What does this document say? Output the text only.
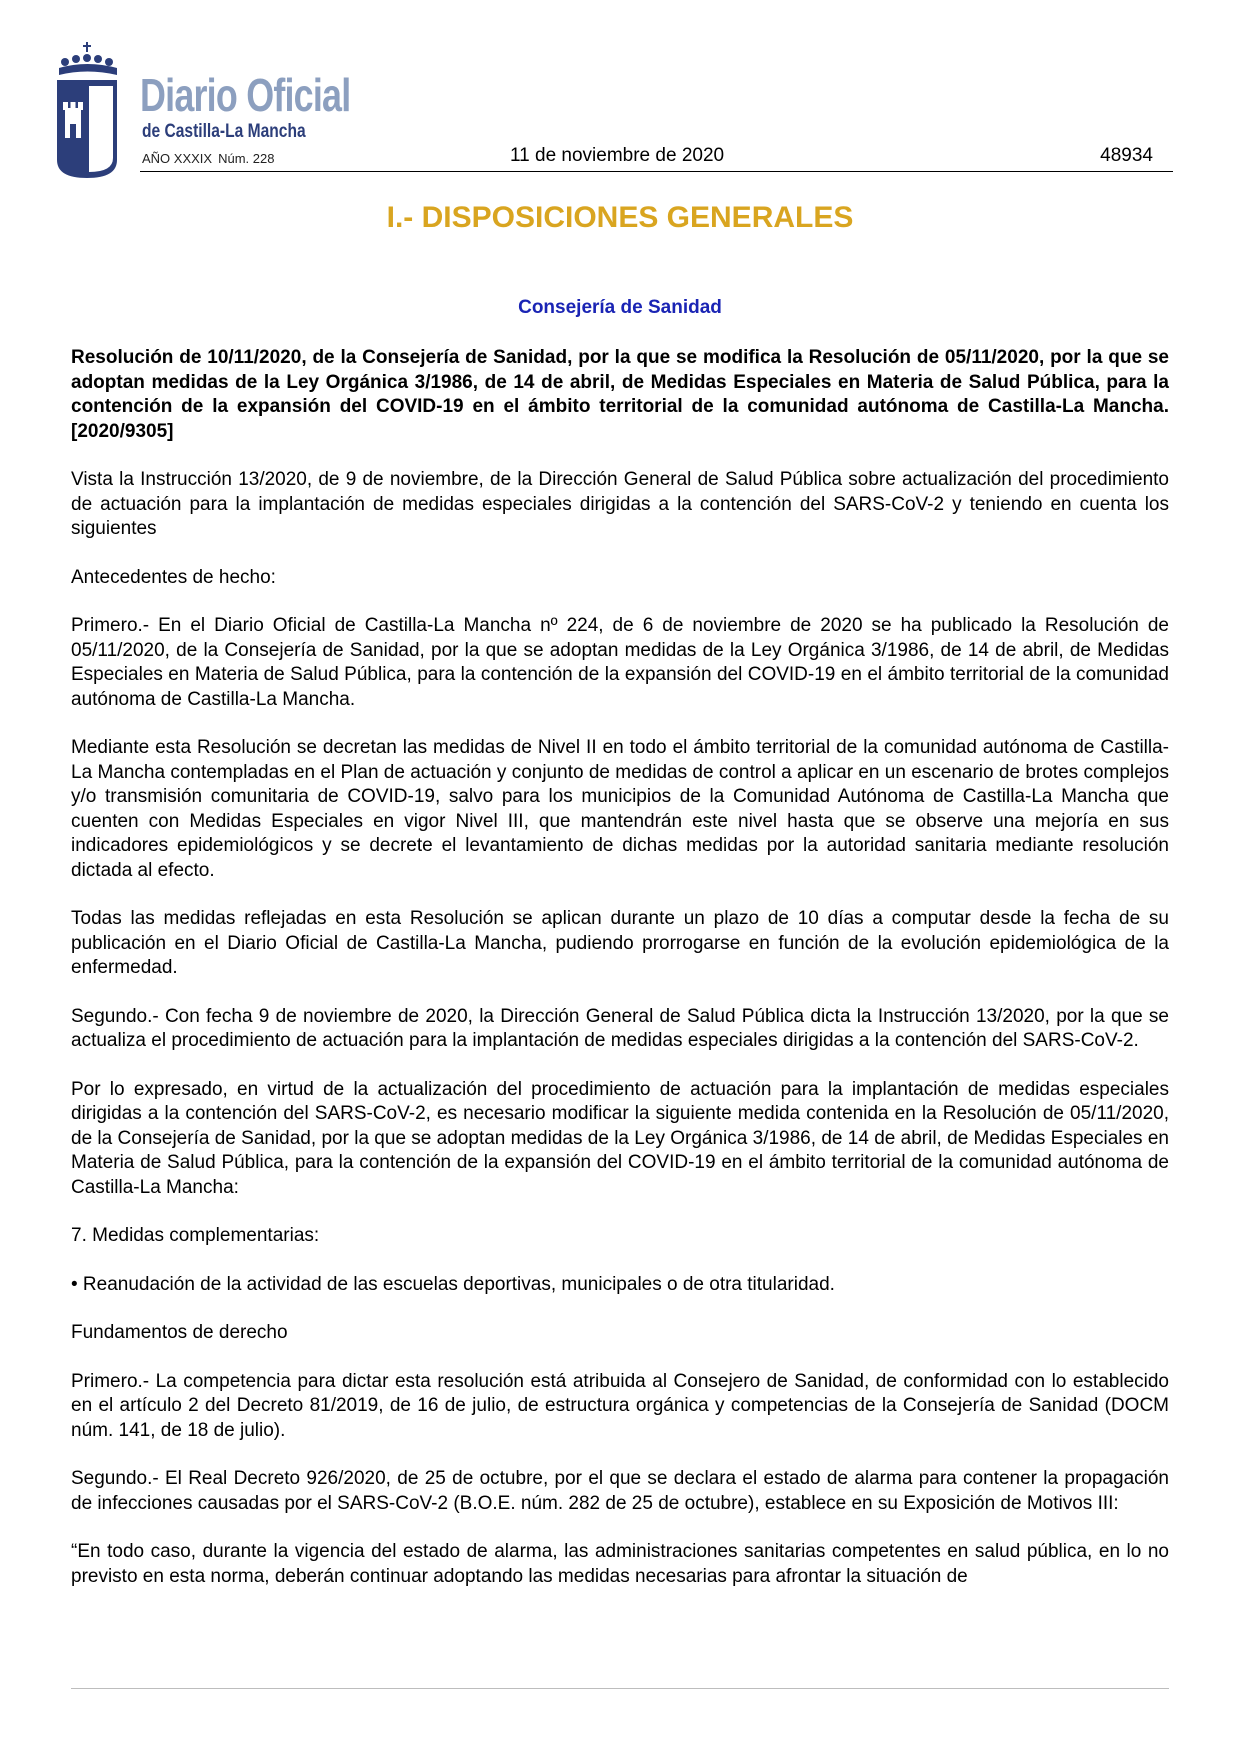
Diario Oficial
de Castilla-La Mancha
AÑO XXXIX Núm. 228	11 de noviembre de 2020	48934
I.- DISPOSICIONES GENERALES
Consejería de Sanidad

Resolución de 10/11/2020, de la Consejería de Sanidad, por la que se modifica la Resolución de 05/11/2020, por la que se adoptan medidas de la Ley Orgánica 3/1986, de 14 de abril, de Medidas Especiales en Materia de Salud Pública, para la contención de la expansión del COVID-19 en el ámbito territorial de la comunidad autónoma de Castilla-La Mancha. [2020/9305]

Vista la Instrucción 13/2020, de 9 de noviembre, de la Dirección General de Salud Pública sobre actualización del procedimiento de actuación para la implantación de medidas especiales dirigidas a la contención del SARS-CoV-2 y teniendo en cuenta los siguientes

Antecedentes de hecho:

Primero.- En el Diario Oficial de Castilla-La Mancha nº 224, de 6 de noviembre de 2020 se ha publicado la Resolución de 05/11/2020, de la Consejería de Sanidad, por la que se adoptan medidas de la Ley Orgánica 3/1986, de 14 de abril, de Medidas Especiales en Materia de Salud Pública, para la contención de la expansión del COVID-19 en el ámbito territorial de la comunidad autónoma de Castilla-La Mancha.

Mediante esta Resolución se decretan las medidas de Nivel II en todo el ámbito territorial de la comunidad autónoma de Castilla-La Mancha contempladas en el Plan de actuación y conjunto de medidas de control a aplicar en un escenario de brotes complejos y/o transmisión comunitaria de COVID-19, salvo para los municipios de la Comunidad Autónoma de Castilla-La Mancha que cuenten con Medidas Especiales en vigor Nivel III, que mantendrán este nivel hasta que se observe una mejoría en sus indicadores epidemiológicos y se decrete el levantamiento de dichas medidas por la autoridad sanitaria mediante resolución dictada al efecto.

Todas las medidas reflejadas en esta Resolución se aplican durante un plazo de 10 días a computar desde la fecha de su publicación en el Diario Oficial de Castilla-La Mancha, pudiendo prorrogarse en función de la evolución epidemiológica de la enfermedad.

Segundo.- Con fecha 9 de noviembre de 2020, la Dirección General de Salud Pública dicta la Instrucción 13/2020, por la que se actualiza el procedimiento de actuación para la implantación de medidas especiales dirigidas a la contención del SARS-CoV-2.

Por lo expresado, en virtud de la actualización del procedimiento de actuación para la implantación de medidas especiales dirigidas a la contención del SARS-CoV-2, es necesario modificar la siguiente medida contenida en la Resolución de 05/11/2020, de la Consejería de Sanidad, por la que se adoptan medidas de la Ley Orgánica 3/1986, de 14 de abril, de Medidas Especiales en Materia de Salud Pública, para la contención de la expansión del COVID-19 en el ámbito territorial de la comunidad autónoma de Castilla-La Mancha:

7. Medidas complementarias:

• Reanudación de la actividad de las escuelas deportivas, municipales o de otra titularidad.

Fundamentos de derecho

Primero.- La competencia para dictar esta resolución está atribuida al Consejero de Sanidad, de conformidad con lo establecido en el artículo 2 del Decreto 81/2019, de 16 de julio, de estructura orgánica y competencias de la Consejería de Sanidad (DOCM núm. 141, de 18 de julio).

Segundo.- El Real Decreto 926/2020, de 25 de octubre, por el que se declara el estado de alarma para contener la propagación de infecciones causadas por el SARS-CoV-2 (B.O.E. núm. 282 de 25 de octubre), establece en su Exposición de Motivos III:

“En todo caso, durante la vigencia del estado de alarma, las administraciones sanitarias competentes en salud pública, en lo no previsto en esta norma, deberán continuar adoptando las medidas necesarias para afrontar la situación de
